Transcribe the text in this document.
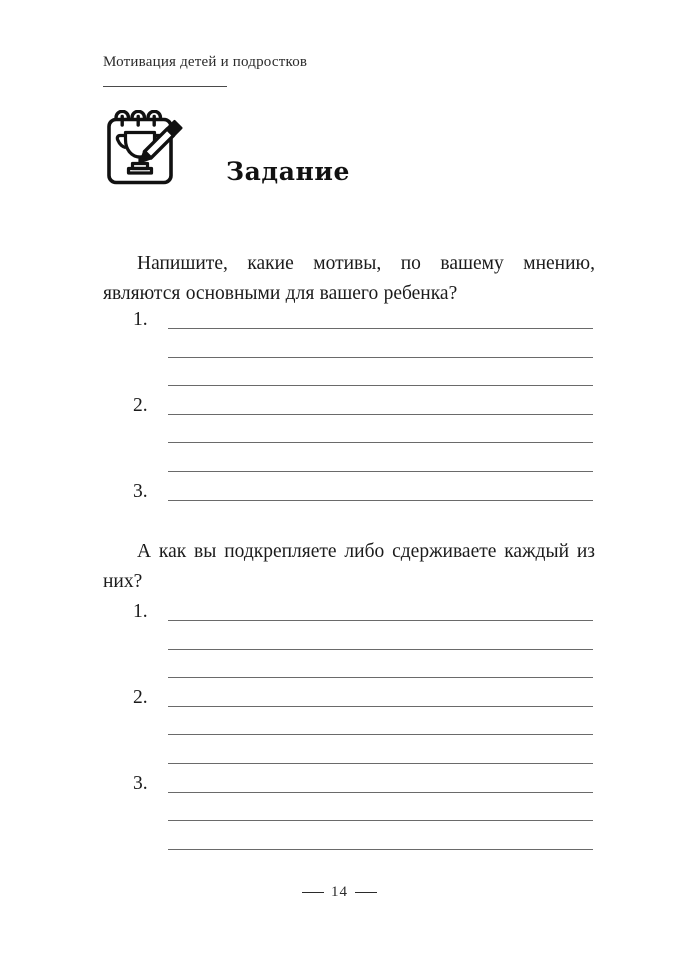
Мотивация детей и подростков
Задание
Напишите, какие мотивы, по вашему мнению, являются основными для вашего ребенка?
1.
2.
3.
А как вы подкрепляете либо сдерживаете каждый из них?
1.
2.
3.
14
